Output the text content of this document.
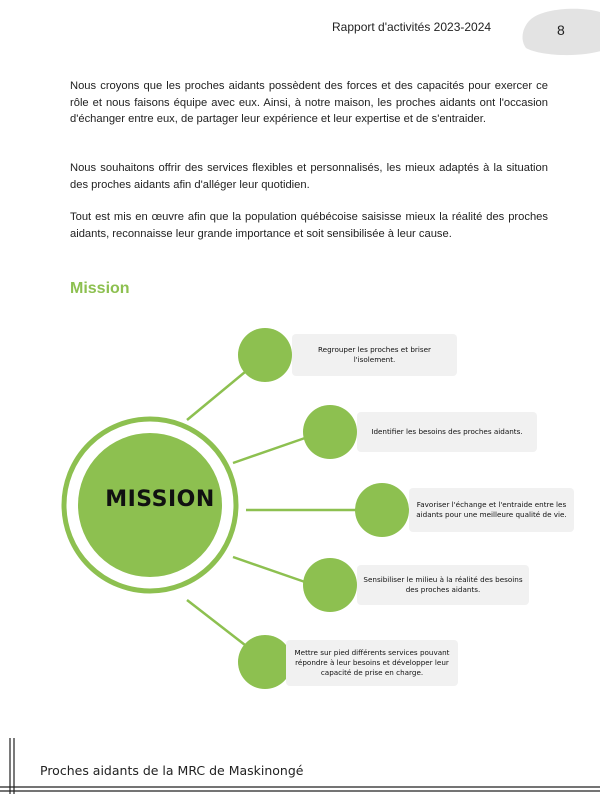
Rapport d'activités 2023-2024	8

Nous croyons que les proches aidants possèdent des forces et des capacités pour exercer ce rôle et nous faisons équipe avec eux. Ainsi, à notre maison, les proches aidants ont l'occasion d'échanger entre eux, de partager leur expérience et leur expertise et de s'entraider.

Nous souhaitons offrir des services flexibles et personnalisés, les mieux adaptés à la situation des proches aidants afin d'alléger leur quotidien.

Tout est mis en œuvre afin que la population québécoise saisisse mieux la réalité des proches aidants, reconnaisse leur grande importance et soit sensibilisée à leur cause.

Mission
MISSION
Regrouper les proches et briser l'isolement.
Identifier les besoins des proches aidants.
Favoriser l'échange et l'entraide entre les aidants pour une meilleure qualité de vie.
Sensibiliser le milieu à la réalité des besoins des proches aidants.
Mettre sur pied différents services pouvant répondre à leur besoins et développer leur capacité de prise en charge.
Proches aidants de la MRC de Maskinongé
